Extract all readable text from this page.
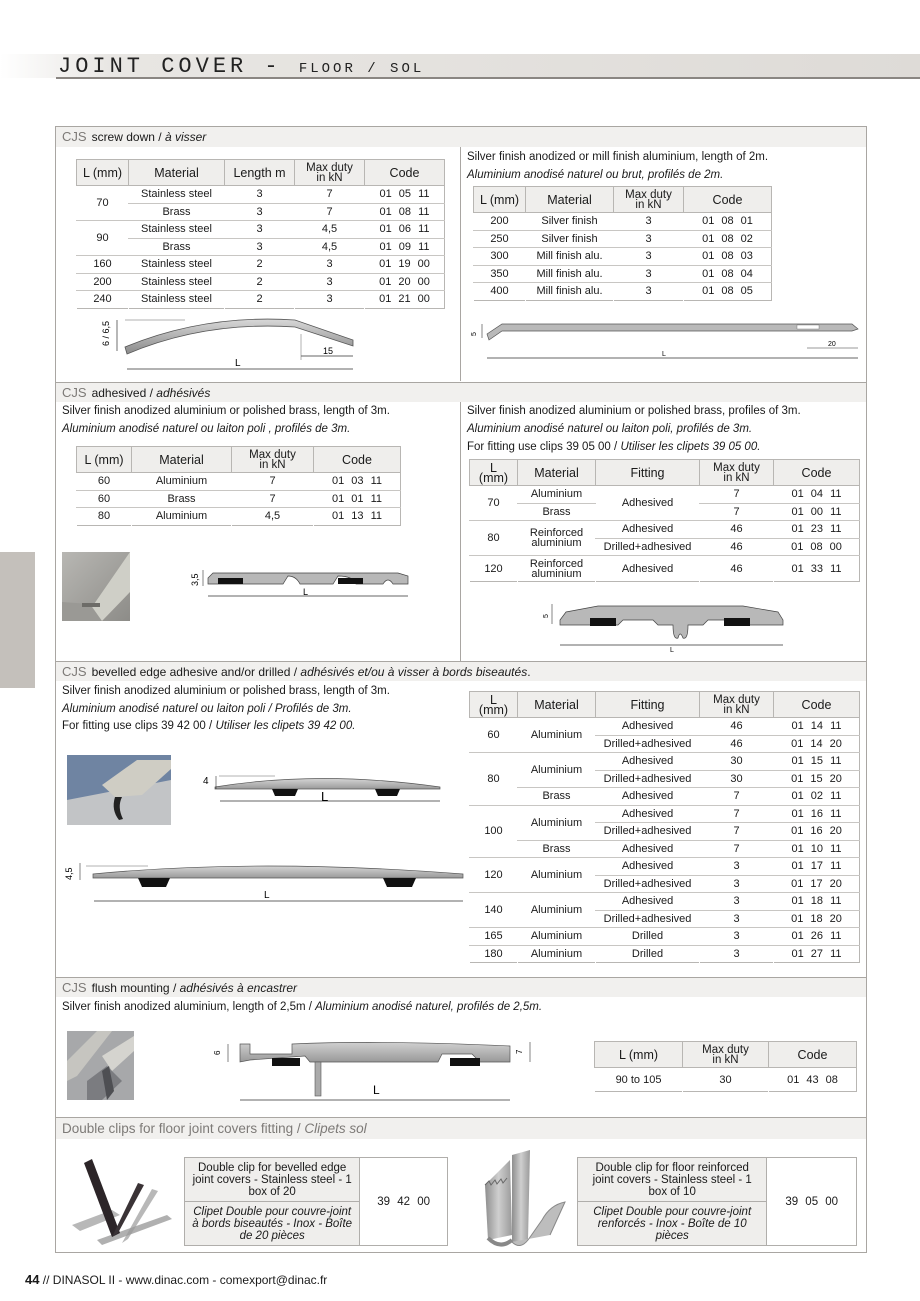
JOINT COVER - FLOOR / SOL
CJS screw down / à visser
L (mm)	Material	Length m	Max duty
in kN	Code
70	Stainless steel	3	7	01 05 11
	Brass	3	7	01 08 11
90	Stainless steel	3	4,5	01 06 11
	Brass	3	4,5	01 09 11
160	Stainless steel	2	3	01 19 00
200	Stainless steel	2	3	01 20 00
240	Stainless steel	2	3	01 21 00
Silver finish anodized or mill finish aluminium, length of 2m.
Aluminium anodisé naturel ou brut, profilés de 2m.
L (mm)	Material	Max duty
in kN	Code
200	Silver finish	3	01 08 01
250	Silver finish	3	01 08 02
300	Mill finish alu.	3	01 08 03
350	Mill finish alu.	3	01 08 04
400	Mill finish alu.	3	01 08 05
6 / 6,5
15
L
5
20
L
CJS adhesived / adhésivés
Silver finish anodized aluminium or polished brass, length of 3m.
Aluminium anodisé naturel ou laiton poli , profilés de 3m.
L (mm)	Material	Max duty
in kN	Code
60	Aluminium	7	01 03 11
60	Brass	7	01 01 11
80	Aluminium	4,5	01 13 11
3,5
L
Silver finish anodized aluminium or polished brass, profiles of 3m.
Aluminium anodisé naturel ou laiton poli, profilés de 3m.
For fitting use clips 39 05 00 / Utiliser les clipets 39 05 00.
L (mm)	Material	Fitting	Max duty
in kN	Code
70	Aluminium	Adhesived	7	01 04 11
	Brass		7	01 00 11
80	Reinforced
aluminium	Adhesived	46	01 23 11
		Drilled+adhesived	46	01 08 00
120	Reinforced
aluminium	Adhesived	46	01 33 11
5
L
CJS bevelled edge adhesive and/or drilled / adhésivés et/ou à visser à bords biseautés.
Silver finish anodized aluminium or polished brass, length of 3m.
Aluminium anodisé naturel ou laiton poli / Profilés de 3m.
For fitting use clips 39 42 00 / Utiliser les clipets 39 42 00.
4
L
4,5
L
L (mm)	Material	Fitting	Max duty
in kN	Code
60	Aluminium	Adhesived	46	01 14 11
		Drilled+adhesived	46	01 14 20
80	Aluminium	Adhesived	30	01 15 11
		Drilled+adhesived	30	01 15 20
	Brass	Adhesived	7	01 02 11
100	Aluminium	Adhesived	7	01 16 11
		Drilled+adhesived	7	01 16 20
	Brass	Adhesived	7	01 10 11
120	Aluminium	Adhesived	3	01 17 11
		Drilled+adhesived	3	01 17 20
140	Aluminium	Adhesived	3	01 18 11
		Drilled+adhesived	3	01 18 20
165	Aluminium	Drilled	3	01 26 11
180	Aluminium	Drilled	3	01 27 11
CJS flush mounting / adhésivés à encastrer
Silver finish anodized aluminium, length of 2,5m / Aluminium anodisé naturel, profilés de 2,5m.
6	7
L
L (mm)	Max duty
in kN	Code
90 to 105	30	01 43 08
Double clips for floor joint covers fitting / Clipets sol
Double clip for bevelled edge joint covers - Stainless steel - 1 box of 20	39 42 00
Clipet Double pour couvre-joint à bords biseautés - Inox - Boîte de 20 pièces
Double clip for floor reinforced joint covers - Stainless steel - 1 box of 10	39 05 00
Clipet Double pour couvre-joint renforcés - Inox - Boîte de 10 pièces
44 // DINASOL II - www.dinac.com - comexport@dinac.fr
